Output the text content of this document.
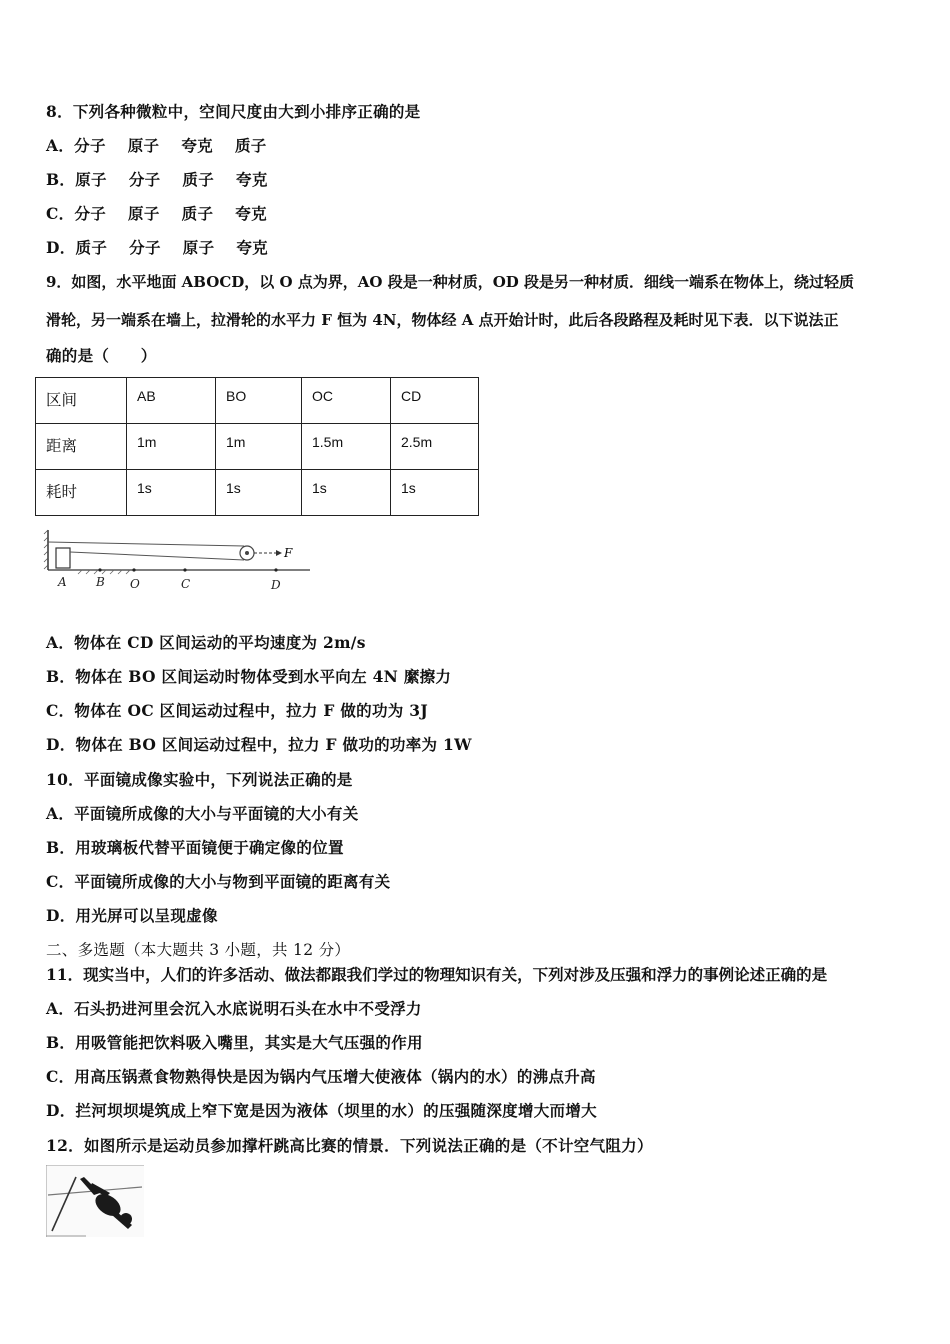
8．下列各种微粒中，空间尺度由大到小排序正确的是
A．分子 原子 夸克 质子
B．原子 分子 质子 夸克
C．分子 原子 质子 夸克
D．质子 分子 原子 夸克
9．如图，水平地面 ABOCD，以 O 点为界，AO 段是一种材质，OD 段是另一种材质．细线一端系在物体上，绕过轻质
滑轮，另一端系在墙上，拉滑轮的水平力 F 恒为 4N，物体经 A 点开始计时，此后各段路程及耗时见下表．以下说法正
确的是（　　）
区间	AB	BO	OC	CD
距离	1m	1m	1.5m	2.5m
耗时	1s	1s	1s	1s
F
A B O	C	D
A．物体在 CD 区间运动的平均速度为 2m/s
B．物体在 BO 区间运动时物体受到水平向左 4N 縻擦力
C．物体在 OC 区间运动过程中，拉力 F 做的功为 3J
D．物体在 BO 区间运动过程中，拉力 F 做功的功率为 1W
10．平面镜成像实验中，下列说法正确的是
A．平面镜所成像的大小与平面镜的大小有关
B．用玻璃板代替平面镜便于确定像的位置
C．平面镜所成像的大小与物到平面镜的距离有关
D．用光屏可以呈现虚像
二、多选题（本大题共 3 小题，共 12 分）
11．现实当中，人们的许多活动、做法都跟我们学过的物理知识有关，下列对涉及压强和浮力的事例论述正确的是
A．石头扔进河里会沉入水底说明石头在水中不受浮力
B．用吸管能把饮料吸入嘴里，其实是大气压强的作用
C．用高压锅煮食物熟得快是因为锅内气压增大使液体（锅内的水）的沸点升高
D．拦河坝坝堤筑成上窄下宽是因为液体（坝里的水）的压强随深度增大而增大
12．如图所示是运动员参加撑杆跳高比赛的情景．下列说法正确的是（不计空气阻力）
